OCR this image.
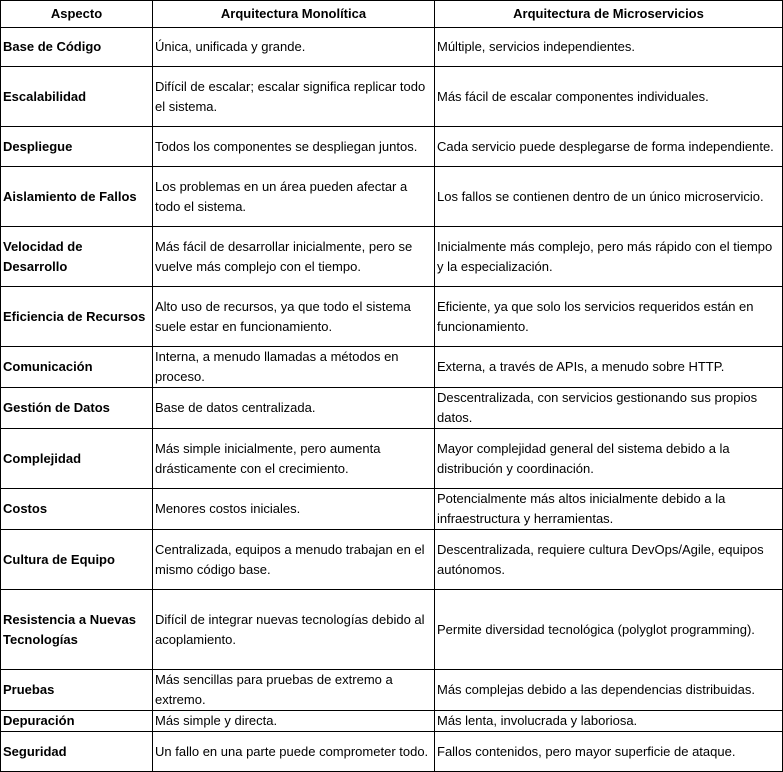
Aspecto	Arquitectura Monolítica	Arquitectura de Microservicios
Base de Código	Única, unificada y grande.	Múltiple, servicios independientes.
Escalabilidad	Difícil de escalar; escalar significa replicar todo el sistema.	Más fácil de escalar componentes individuales.
Despliegue	Todos los componentes se despliegan juntos.	Cada servicio puede desplegarse de forma independiente.
Aislamiento de Fallos	Los problemas en un área pueden afectar a todo el sistema.	Los fallos se contienen dentro de un único microservicio.
Velocidad de Desarrollo	Más fácil de desarrollar inicialmente, pero se vuelve más complejo con el tiempo.	Inicialmente más complejo, pero más rápido con el tiempo y la especialización.
Eficiencia de Recursos	Alto uso de recursos, ya que todo el sistema suele estar en funcionamiento.	Eficiente, ya que solo los servicios requeridos están en funcionamiento.
Comunicación	Interna, a menudo llamadas a métodos en proceso.	Externa, a través de APIs, a menudo sobre HTTP.
Gestión de Datos	Base de datos centralizada.	Descentralizada, con servicios gestionando sus propios datos.
Complejidad	Más simple inicialmente, pero aumenta drásticamente con el crecimiento.	Mayor complejidad general del sistema debido a la distribución y coordinación.
Costos	Menores costos iniciales.	Potencialmente más altos inicialmente debido a la infraestructura y herramientas.
Cultura de Equipo	Centralizada, equipos a menudo trabajan en el mismo código base.	Descentralizada, requiere cultura DevOps/Agile, equipos autónomos.
Resistencia a Nuevas Tecnologías	Difícil de integrar nuevas tecnologías debido al acoplamiento.	Permite diversidad tecnológica (polyglot programming).
Pruebas	Más sencillas para pruebas de extremo a extremo.	Más complejas debido a las dependencias distribuidas.
Depuración	Más simple y directa.	Más lenta, involucrada y laboriosa.
Seguridad	Un fallo en una parte puede comprometer todo.	Fallos contenidos, pero mayor superficie de ataque.
